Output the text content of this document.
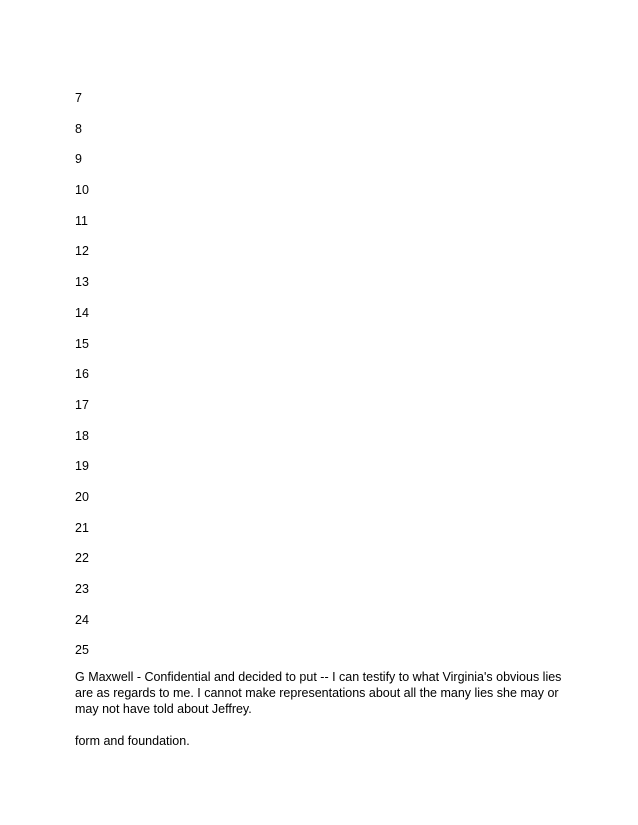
7
8
9
10
11
12
13
14
15
16
17
18
19
20
21
22
23
24
25

G Maxwell - Confidential and decided to put -- I can testify to what Virginia's obvious lies are as regards to me. I cannot make representations about all the many lies she may or may not have told about Jeffrey.

form and foundation.
